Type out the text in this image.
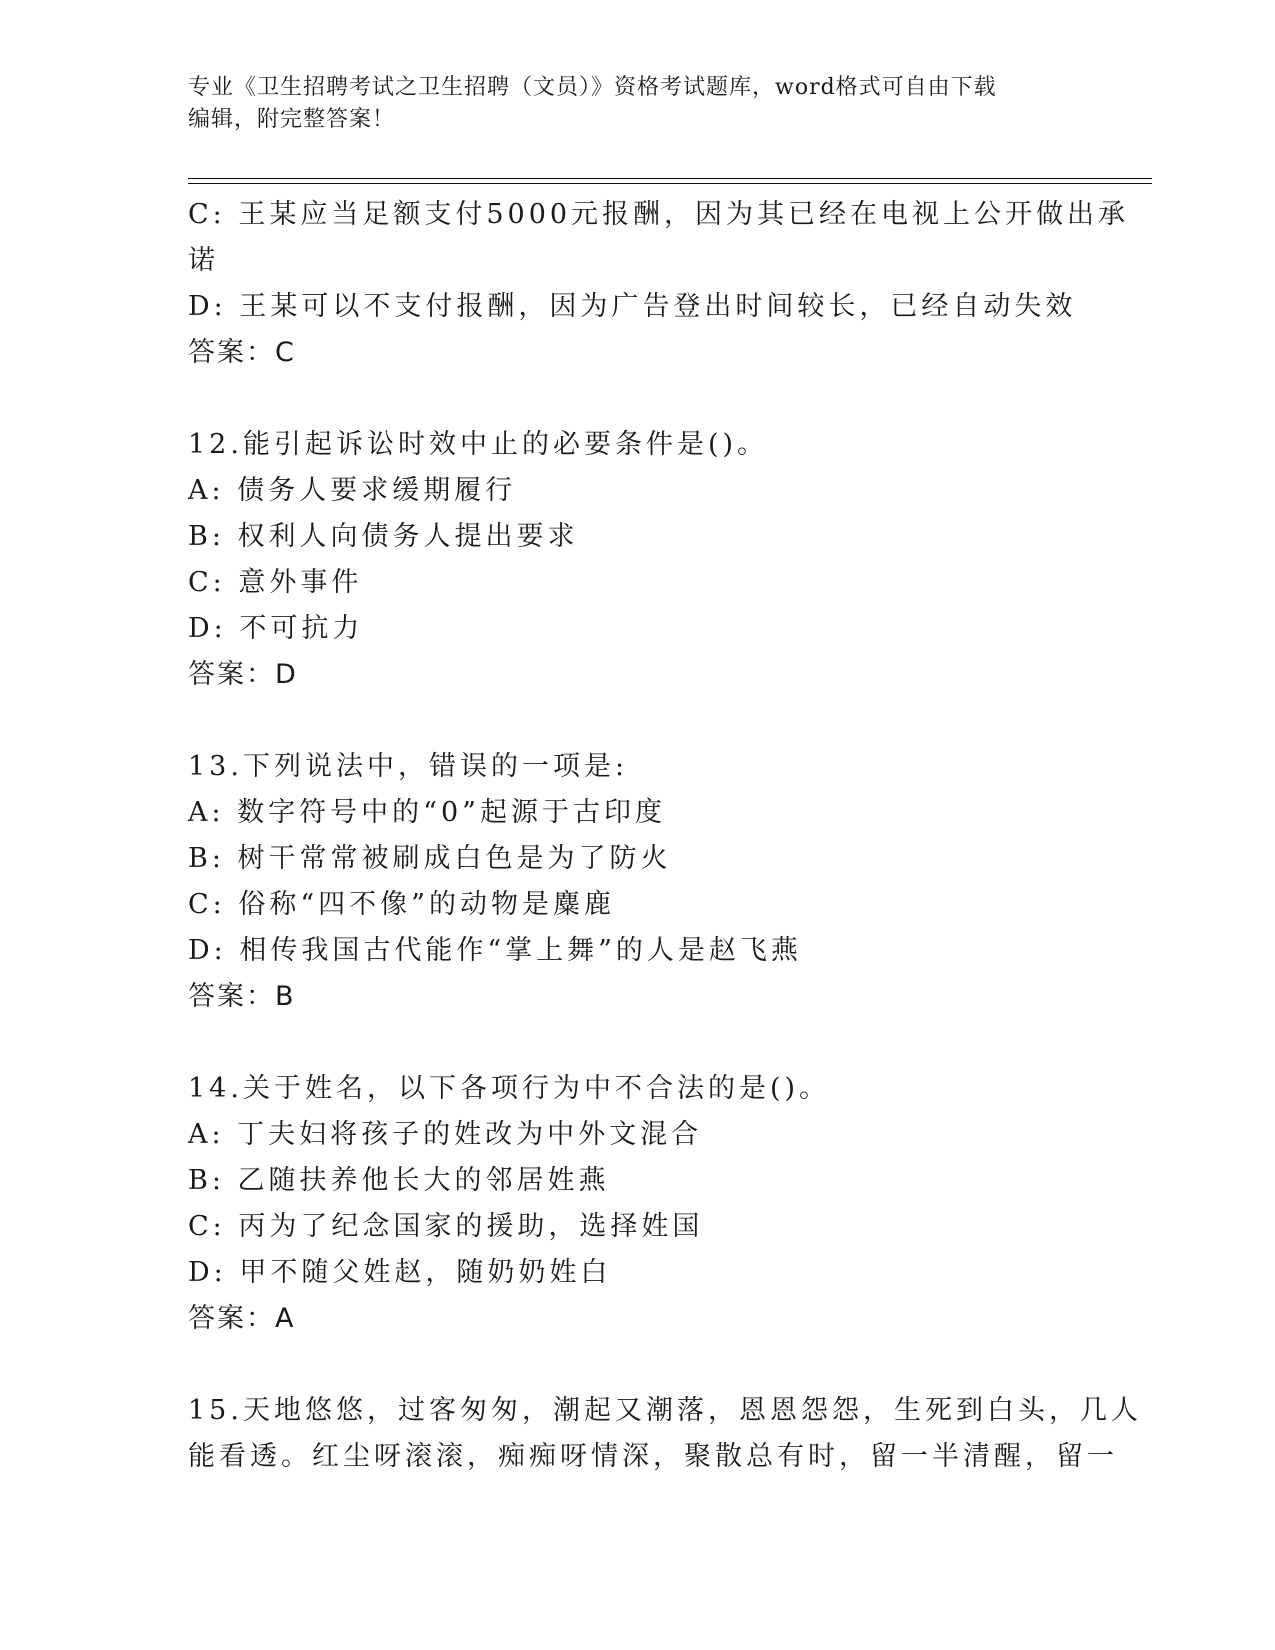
专业《卫生招聘考试之卫生招聘（文员）》资格考试题库，word格式可自由下载
编辑，附完整答案！
C: 王某应当足额支付5000元报酬，因为其已经在电视上公开做出承
诺
D: 王某可以不支付报酬，因为广告登出时间较长，已经自动失效
答案：C
12.能引起诉讼时效中止的必要条件是()。
A: 债务人要求缓期履行
B: 权利人向债务人提出要求
C: 意外事件
D: 不可抗力
答案：D
13.下列说法中，错误的一项是:
A: 数字符号中的“0”起源于古印度
B: 树干常常被刷成白色是为了防火
C: 俗称“四不像”的动物是麋鹿
D: 相传我国古代能作“掌上舞”的人是赵飞燕
答案：B
14.关于姓名，以下各项行为中不合法的是()。
A: 丁夫妇将孩子的姓改为中外文混合
B: 乙随扶养他长大的邻居姓燕
C: 丙为了纪念国家的援助，选择姓国
D: 甲不随父姓赵，随奶奶姓白
答案：A
15.天地悠悠，过客匆匆，潮起又潮落，恩恩怨怨，生死到白头，几人
能看透。红尘呀滚滚，痴痴呀情深，聚散总有时，留一半清醒，留一
